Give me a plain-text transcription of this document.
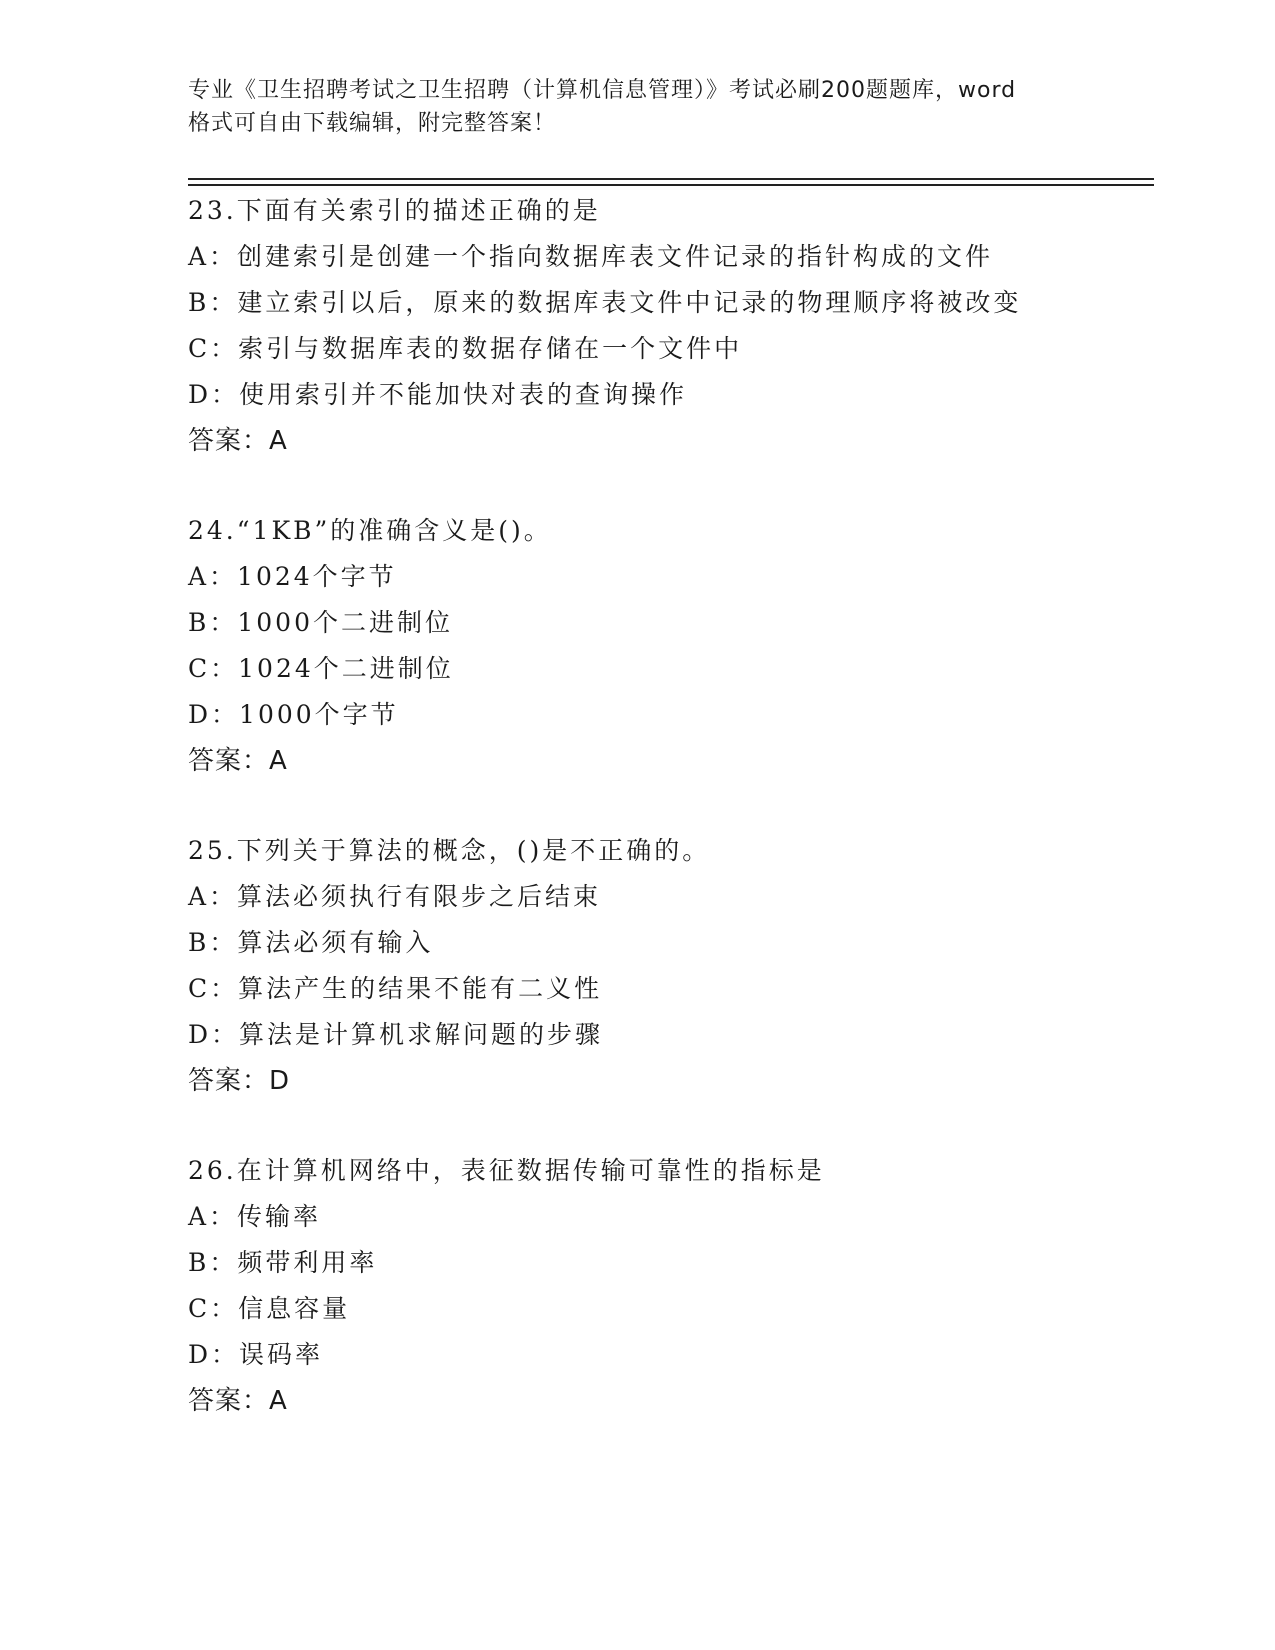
专业《卫生招聘考试之卫生招聘（计算机信息管理）》考试必刷200题题库，word
格式可自由下载编辑，附完整答案！
23.下面有关索引的描述正确的是
A：创建索引是创建一个指向数据库表文件记录的指针构成的文件
B：建立索引以后，原来的数据库表文件中记录的物理顺序将被改变
C：索引与数据库表的数据存储在一个文件中
D：使用索引并不能加快对表的查询操作
答案：A
24.“1KB”的准确含义是()。
A：1024个字节
B：1000个二进制位
C：1024个二进制位
D：1000个字节
答案：A
25.下列关于算法的概念，()是不正确的。
A：算法必须执行有限步之后结束
B：算法必须有输入
C：算法产生的结果不能有二义性
D：算法是计算机求解问题的步骤
答案：D
26.在计算机网络中，表征数据传输可靠性的指标是
A：传输率
B：频带利用率
C：信息容量
D：误码率
答案：A
